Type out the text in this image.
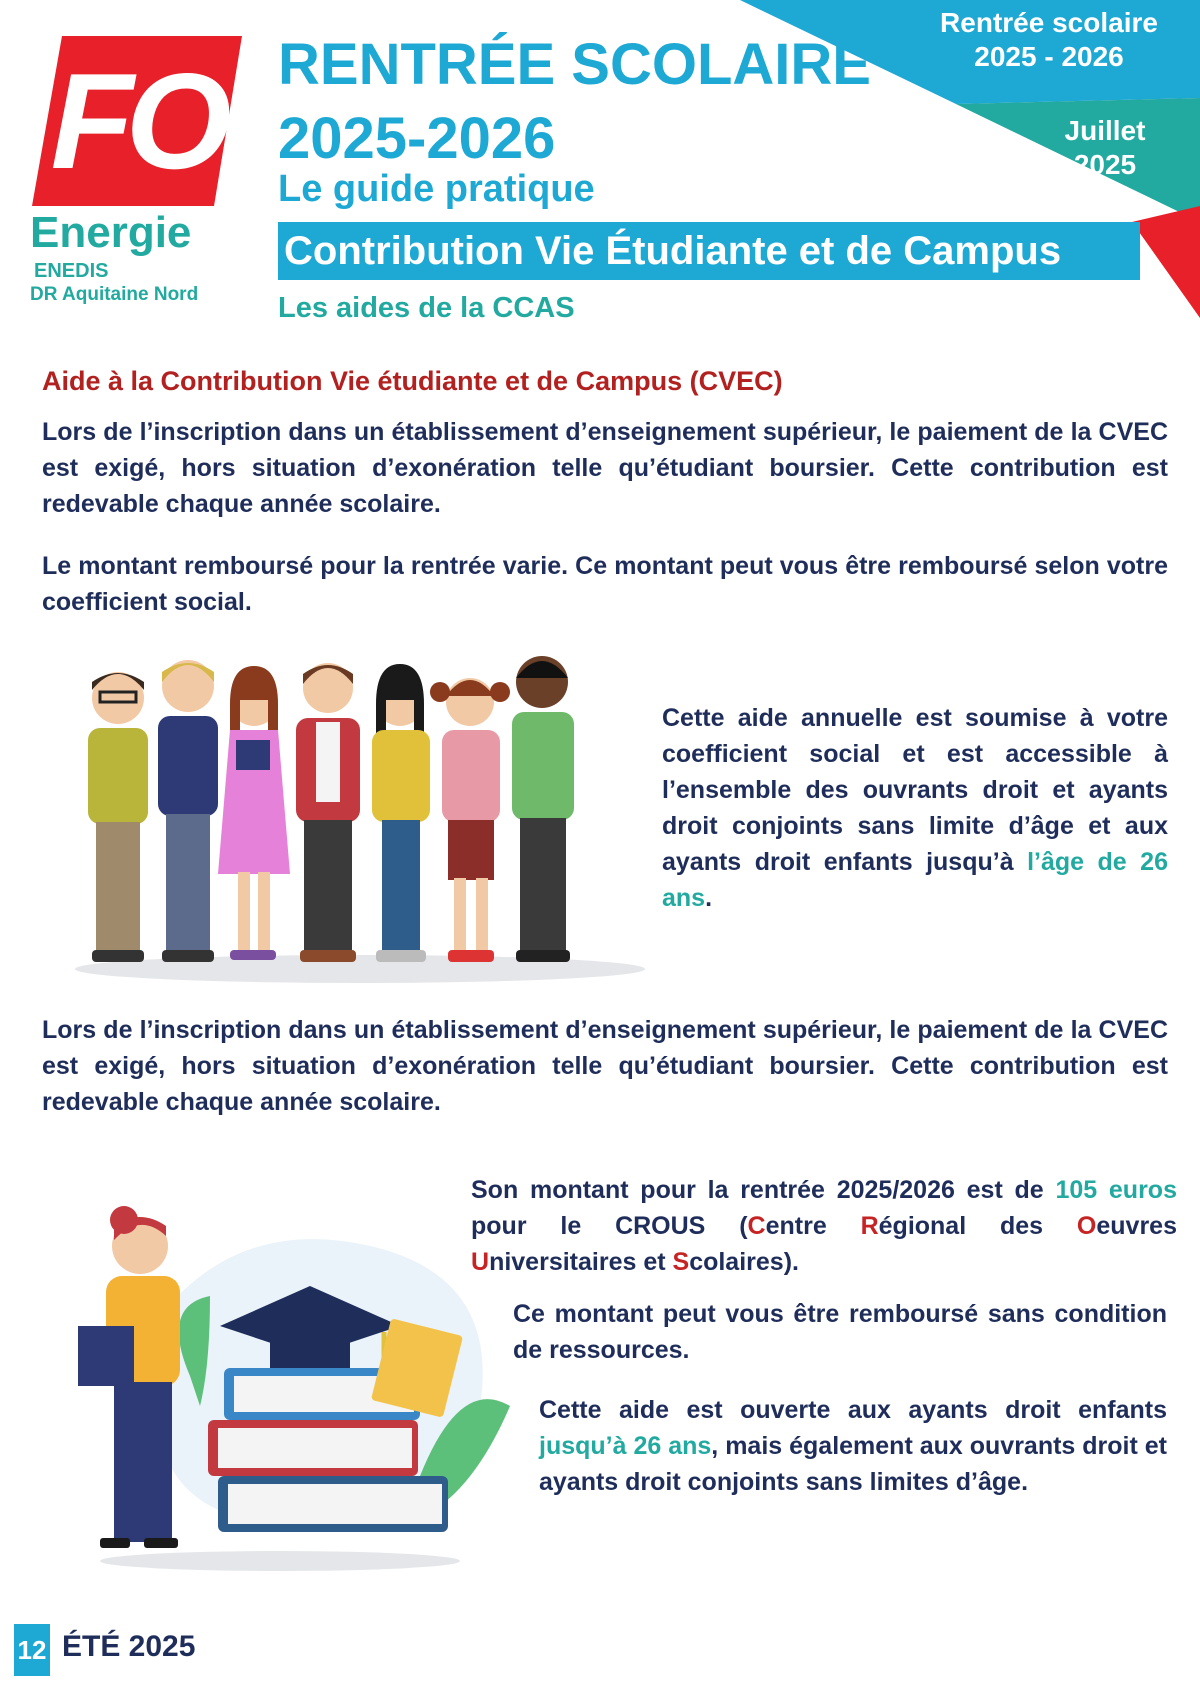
Rentrée scolaire
2025 - 2026
Juillet
2025
FO
Energie
ENEDIS
DR Aquitaine Nord
RENTRÉE SCOLAIRE
2025-2026
Le guide pratique
Contribution Vie Étudiante et de Campus
Les aides de la CCAS
Aide à la Contribution Vie étudiante et de Campus (CVEC)

Lors de l’inscription dans un établissement d’enseignement supérieur, le paiement de la CVEC est exigé, hors situation d’exonération telle qu’étudiant boursier. Cette contribution est redevable chaque année scolaire.

Le montant remboursé pour la rentrée varie. Ce montant peut vous être remboursé selon votre coefficient social.

Cette aide annuelle est soumise à votre coefficient social et est accessible à l’ensemble des ouvrants droit et ayants droit conjoints sans limite d’âge et aux ayants droit enfants jusqu’à l’âge de 26 ans.

Lors de l’inscription dans un établissement d’enseignement supérieur, le paiement de la CVEC est exigé, hors situation d’exonération telle qu’étudiant boursier. Cette contribution est redevable chaque année scolaire.

Son montant pour la rentrée 2025/2026 est de 105 euros pour le CROUS (Centre Régional des Oeuvres Universitaires et Scolaires).

Ce montant peut vous être remboursé sans condition de ressources.

Cette aide est ouverte aux ayants droit enfants jusqu’à 26 ans, mais également aux ouvrants droit et ayants droit conjoints sans limites d’âge.

12 ÉTÉ 2025
